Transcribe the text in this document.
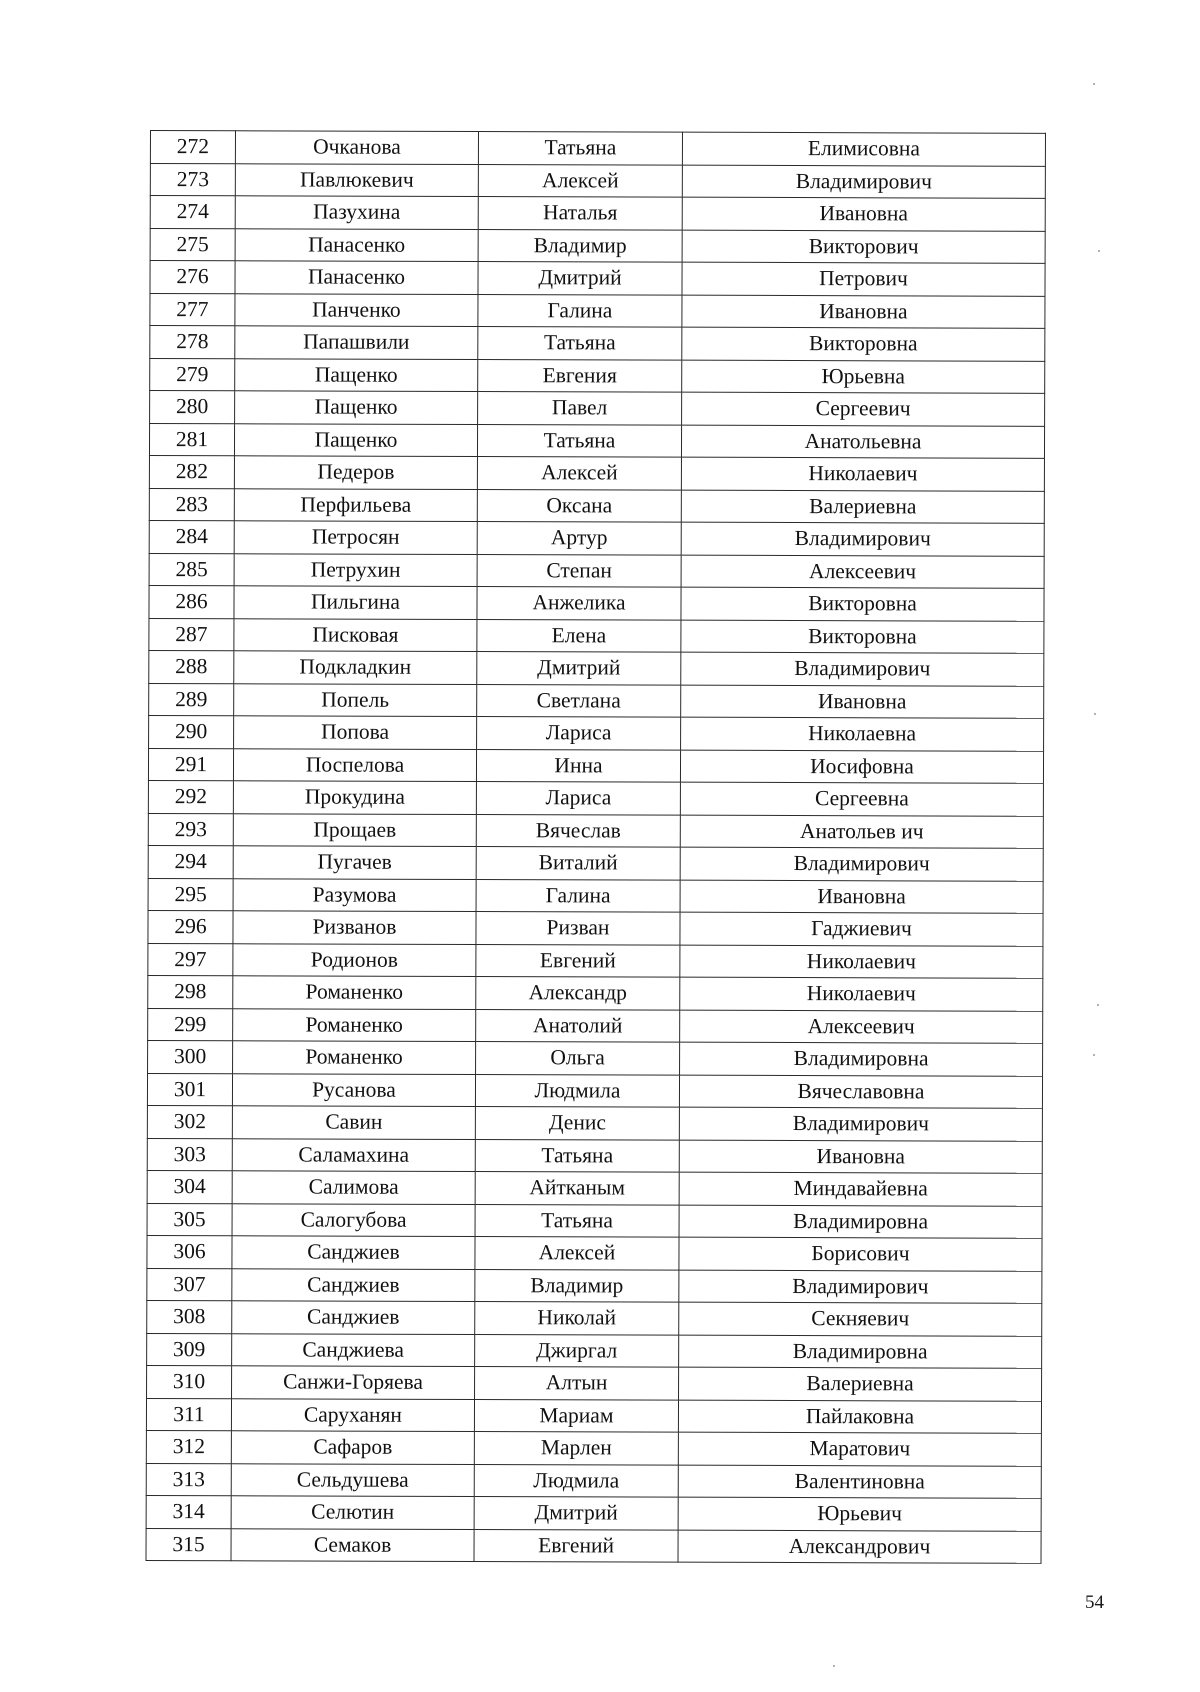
272	Очканова	Татьяна	Елимисовна
273	Павлюкевич	Алексей	Владимирович
274	Пазухина	Наталья	Ивановна
275	Панасенко	Владимир	Викторович
276	Панасенко	Дмитрий	Петрович
277	Панченко	Галина	Ивановна
278	Папашвили	Татьяна	Викторовна
279	Пащенко	Евгения	Юрьевна
280	Пащенко	Павел	Сергеевич
281	Пащенко	Татьяна	Анатольевна
282	Педеров	Алексей	Николаевич
283	Перфильева	Оксана	Валериевна
284	Петросян	Артур	Владимирович
285	Петрухин	Степан	Алексеевич
286	Пильгина	Анжелика	Викторовна
287	Писковая	Елена	Викторовна
288	Подкладкин	Дмитрий	Владимирович
289	Попель	Светлана	Ивановна
290	Попова	Лариса	Николаевна
291	Поспелова	Инна	Иосифовна
292	Прокудина	Лариса	Сергеевна
293	Прощаев	Вячеслав	Анатольев ич
294	Пугачев	Виталий	Владимирович
295	Разумова	Галина	Ивановна
296	Ризванов	Ризван	Гаджиевич
297	Родионов	Евгений	Николаевич
298	Романенко	Александр	Николаевич
299	Романенко	Анатолий	Алексеевич
300	Романенко	Ольга	Владимировна
301	Русанова	Людмила	Вячеславовна
302	Савин	Денис	Владимирович
303	Саламахина	Татьяна	Ивановна
304	Салимова	Айтканым	Миндавайевна
305	Салогубова	Татьяна	Владимировна
306	Санджиев	Алексей	Борисович
307	Санджиев	Владимир	Владимирович
308	Санджиев	Николай	Секняевич
309	Санджиева	Джиргал	Владимировна
310	Санжи-Горяева	Алтын	Валериевна
311	Саруханян	Мариам	Пайлаковна
312	Сафаров	Марлен	Маратович
313	Сельдушева	Людмила	Валентиновна
314	Селютин	Дмитрий	Юрьевич
315	Семаков	Евгений	Александрович
54
